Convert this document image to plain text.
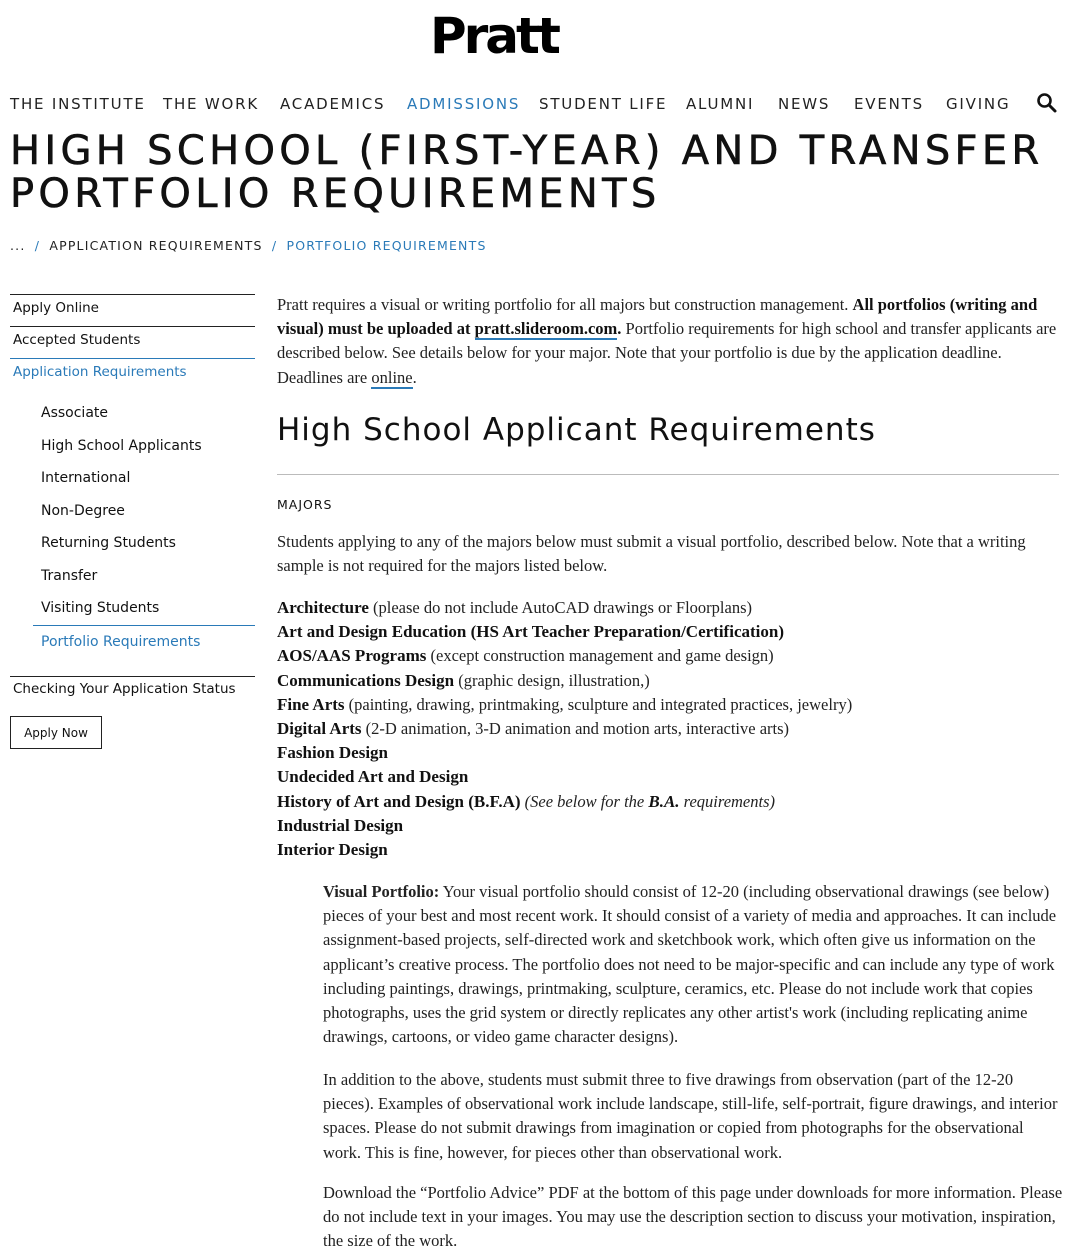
Pratt
THE INSTITUTE	THE WORK	ACADEMICS	ADMISSIONS	STUDENT LIFE	ALUMNI	NEWS	EVENTS	GIVING
HIGH SCHOOL (FIRST-YEAR) AND TRANSFER
PORTFOLIO REQUIREMENTS
... / APPLICATION REQUIREMENTS / PORTFOLIO REQUIREMENTS
Apply Online
Accepted Students
Application Requirements
Associate
High School Applicants
International
Non-Degree
Returning Students
Transfer
Visiting Students
Portfolio Requirements
Checking Your Application Status
Apply Now

Pratt requires a visual or writing portfolio for all majors but construction management. All portfolios (writing and visual) must be uploaded at pratt.slideroom.com. Portfolio requirements for high school and transfer applicants are described below. See details below for your major. Note that your portfolio is due by the application deadline. Deadlines are online.

High School Applicant Requirements
MAJORS
Students applying to any of the majors below must submit a visual portfolio, described below. Note that a writing sample is not required for the majors listed below.
Architecture (please do not include AutoCAD drawings or Floorplans)
Art and Design Education (HS Art Teacher Preparation/Certification)
AOS/AAS Programs (except construction management and game design)
Communications Design (graphic design, illustration,)
Fine Arts (painting, drawing, printmaking, sculpture and integrated practices, jewelry)
Digital Arts (2-D animation, 3-D animation and motion arts, interactive arts)
Fashion Design
Undecided Art and Design
History of Art and Design (B.F.A) (See below for the B.A. requirements)
Industrial Design
Interior Design
Visual Portfolio: Your visual portfolio should consist of 12-20 (including observational drawings (see below) pieces of your best and most recent work. It should consist of a variety of media and approaches. It can include assignment-based projects, self-directed work and sketchbook work, which often give us information on the applicant’s creative process. The portfolio does not need to be major-specific and can include any type of work including paintings, drawings, printmaking, sculpture, ceramics, etc. Please do not include work that copies photographs, uses the grid system or directly replicates any other artist's work (including replicating anime drawings, cartoons, or video game character designs).
In addition to the above, students must submit three to five drawings from observation (part of the 12-20 pieces). Examples of observational work include landscape, still-life, self-portrait, figure drawings, and interior spaces. Please do not submit drawings from imagination or copied from photographs for the observational work. This is fine, however, for pieces other than observational work.
Download the “Portfolio Advice” PDF at the bottom of this page under downloads for more information. Please do not include text in your images. You may use the description section to discuss your motivation, inspiration, the size of the work.
